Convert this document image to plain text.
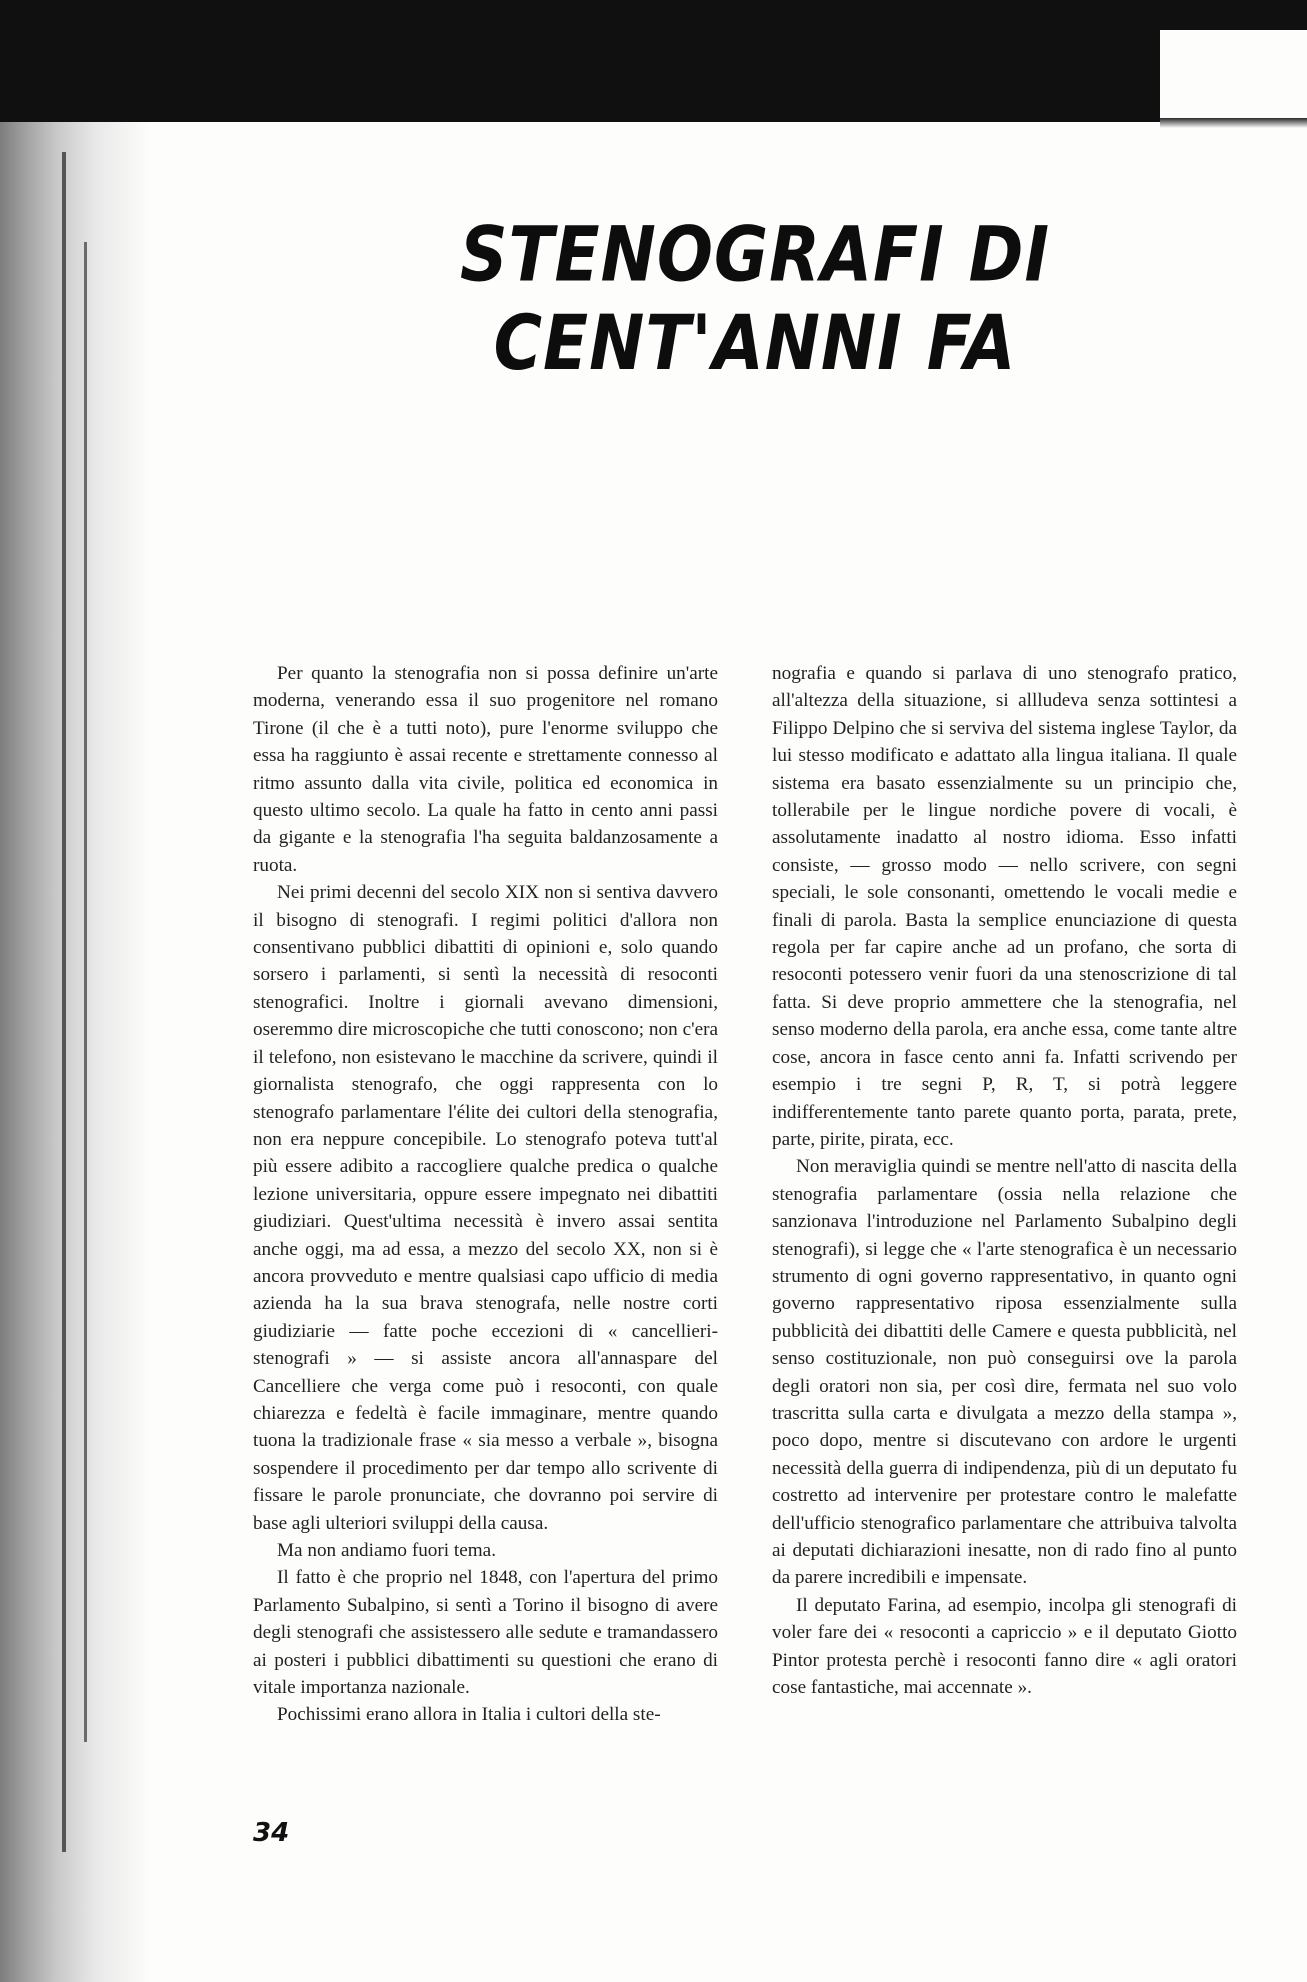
STENOGRAFI DI CENT'ANNI FA

Per quanto la stenografia non si possa definire un'arte moderna, venerando essa il suo progenitore nel romano Tirone (il che è a tutti noto), pure l'enorme sviluppo che essa ha raggiunto è assai recente e strettamente connesso al ritmo assunto dalla vita civile, politica ed economica in questo ultimo secolo. La quale ha fatto in cento anni passi da gigante e la stenografia l'ha seguita baldanzosamente a ruota.

Nei primi decenni del secolo XIX non si sentiva davvero il bisogno di stenografi. I regimi politici d'allora non consentivano pubblici dibattiti di opinioni e, solo quando sorsero i parlamenti, si sentì la necessità di resoconti stenografici. Inoltre i giornali avevano dimensioni, oseremmo dire microscopiche che tutti conoscono; non c'era il telefono, non esistevano le macchine da scrivere, quindi il giornalista stenografo, che oggi rappresenta con lo stenografo parlamentare l'élite dei cultori della stenografia, non era neppure concepibile. Lo stenografo poteva tutt'al più essere adibito a raccogliere qualche predica o qualche lezione universitaria, oppure essere impegnato nei dibattiti giudiziari. Quest'ultima necessità è invero assai sentita anche oggi, ma ad essa, a mezzo del secolo XX, non si è ancora provveduto e mentre qualsiasi capo ufficio di media azienda ha la sua brava stenografa, nelle nostre corti giudiziarie — fatte poche eccezioni di « cancellieri-stenografi » — si assiste ancora all'annaspare del Cancelliere che verga come può i resoconti, con quale chiarezza e fedeltà è facile immaginare, mentre quando tuona la tradizionale frase « sia messo a verbale », bisogna sospendere il procedimento per dar tempo allo scrivente di fissare le parole pronunciate, che dovranno poi servire di base agli ulteriori sviluppi della causa.

Ma non andiamo fuori tema.

Il fatto è che proprio nel 1848, con l'apertura del primo Parlamento Subalpino, si sentì a Torino il bisogno di avere degli stenografi che assistessero alle sedute e tramandassero ai posteri i pubblici dibattimenti su questioni che erano di vitale importanza nazionale.

Pochissimi erano allora in Italia i cultori della ste-

nografia e quando si parlava di uno stenografo pratico, all'altezza della situazione, si allludeva senza sottintesi a Filippo Delpino che si serviva del sistema inglese Taylor, da lui stesso modificato e adattato alla lingua italiana. Il quale sistema era basato essenzialmente su un principio che, tollerabile per le lingue nordiche povere di vocali, è assolutamente inadatto al nostro idioma. Esso infatti consiste, — grosso modo — nello scrivere, con segni speciali, le sole consonanti, omettendo le vocali medie e finali di parola. Basta la semplice enunciazione di questa regola per far capire anche ad un profano, che sorta di resoconti potessero venir fuori da una stenoscrizione di tal fatta. Si deve proprio ammettere che la stenografia, nel senso moderno della parola, era anche essa, come tante altre cose, ancora in fasce cento anni fa. Infatti scrivendo per esempio i tre segni P, R, T, si potrà leggere indifferentemente tanto parete quanto porta, parata, prete, parte, pirite, pirata, ecc.

Non meraviglia quindi se mentre nell'atto di nascita della stenografia parlamentare (ossia nella relazione che sanzionava l'introduzione nel Parlamento Subalpino degli stenografi), si legge che « l'arte stenografica è un necessario strumento di ogni governo rappresentativo, in quanto ogni governo rappresentativo riposa essenzialmente sulla pubblicità dei dibattiti delle Camere e questa pubblicità, nel senso costituzionale, non può conseguirsi ove la parola degli oratori non sia, per così dire, fermata nel suo volo trascritta sulla carta e divulgata a mezzo della stampa », poco dopo, mentre si discutevano con ardore le urgenti necessità della guerra di indipendenza, più di un deputato fu costretto ad intervenire per protestare contro le malefatte dell'ufficio stenografico parlamentare che attribuiva talvolta ai deputati dichiarazioni inesatte, non di rado fino al punto da parere incredibili e impensate.

Il deputato Farina, ad esempio, incolpa gli stenografi di voler fare dei « resoconti a capriccio » e il deputato Giotto Pintor protesta perchè i resoconti fanno dire « agli oratori cose fantastiche, mai accennate ».

34
